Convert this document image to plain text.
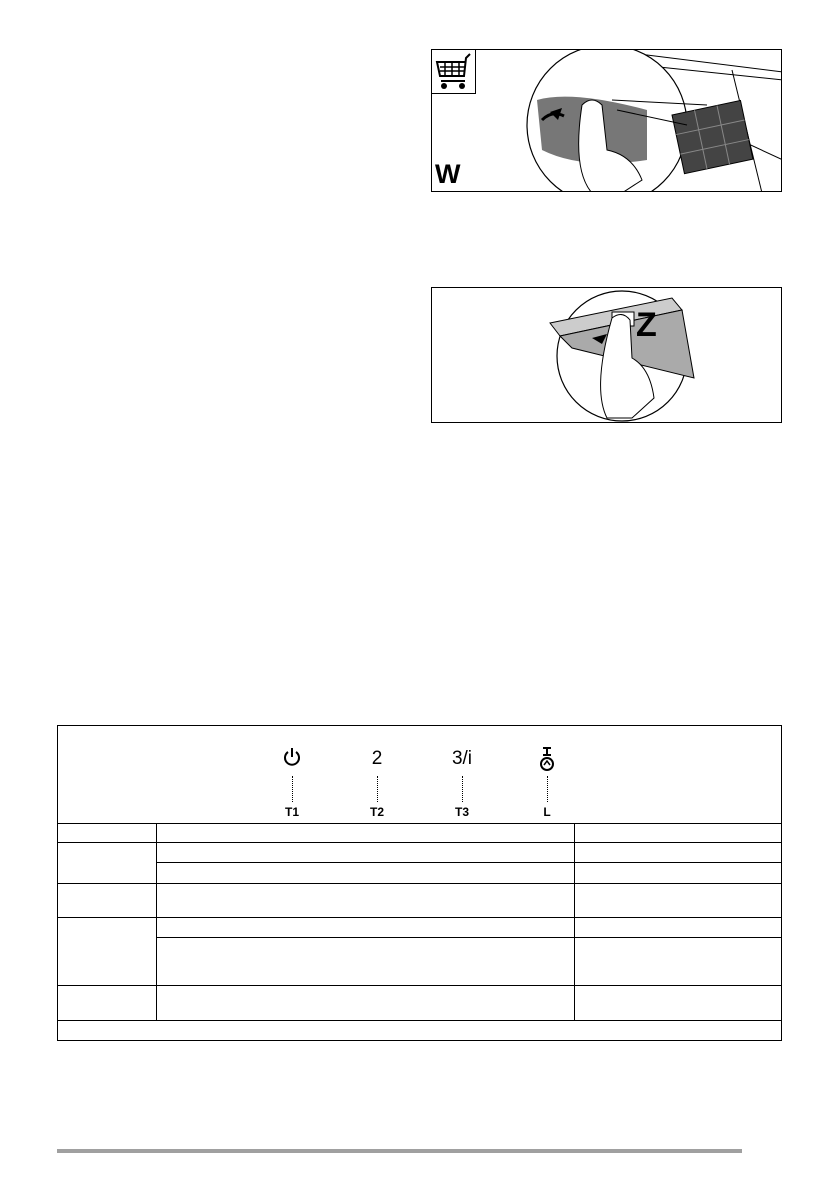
W
Z
T1
2
T2
3/i
T3	L
